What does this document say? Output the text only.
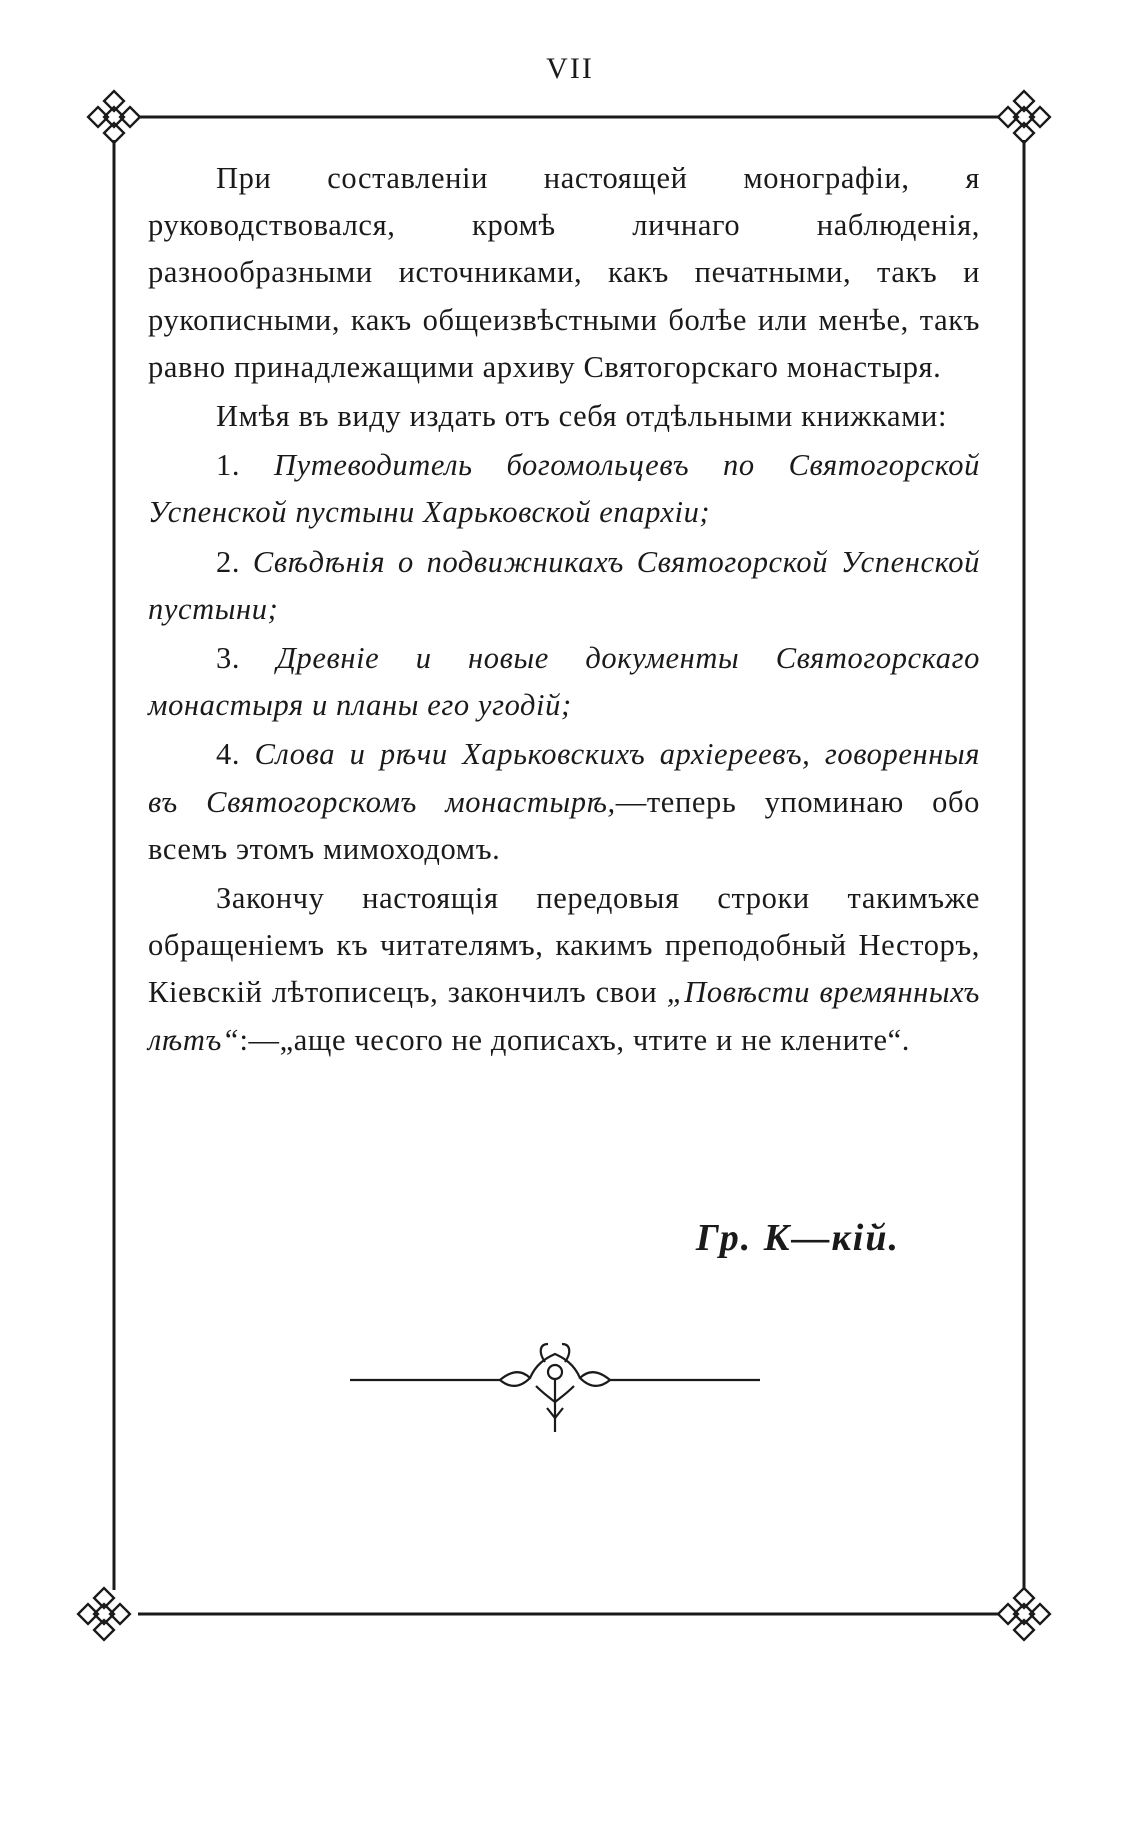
VII

При составленіи настоящей монографіи, я руководствовался, кромѣ личнаго наблюденія, разнообразными источниками, какъ печатными, такъ и рукописными, какъ общеизвѣстными болѣе или менѣе, такъ равно принадлежащими архиву Святогорскаго монастыря.

Имѣя въ виду издать отъ себя отдѣльными книжками:

1. Путеводитель богомольцевъ по Святогорской Успенской пустыни Харьковской епархіи;

2. Свѣдѣнія о подвижникахъ Святогорской Успенской пустыни;

3. Древніе и новые документы Святогорскаго монастыря и планы его угодій;

4. Слова и рѣчи Харьковскихъ архіереевъ, говоренныя въ Святогорскомъ монастырѣ,—теперь упоминаю обо всемъ этомъ мимоходомъ.

Закончу настоящія передовыя строки такимъже обращеніемъ къ читателямъ, какимъ преподобный Несторъ, Кіевскій лѣтописецъ, закончилъ свои „Повѣсти времянныхъ лѣтъ“:—„аще чесого не дописахъ, чтите и не клените“.

Гр. К—кій.
